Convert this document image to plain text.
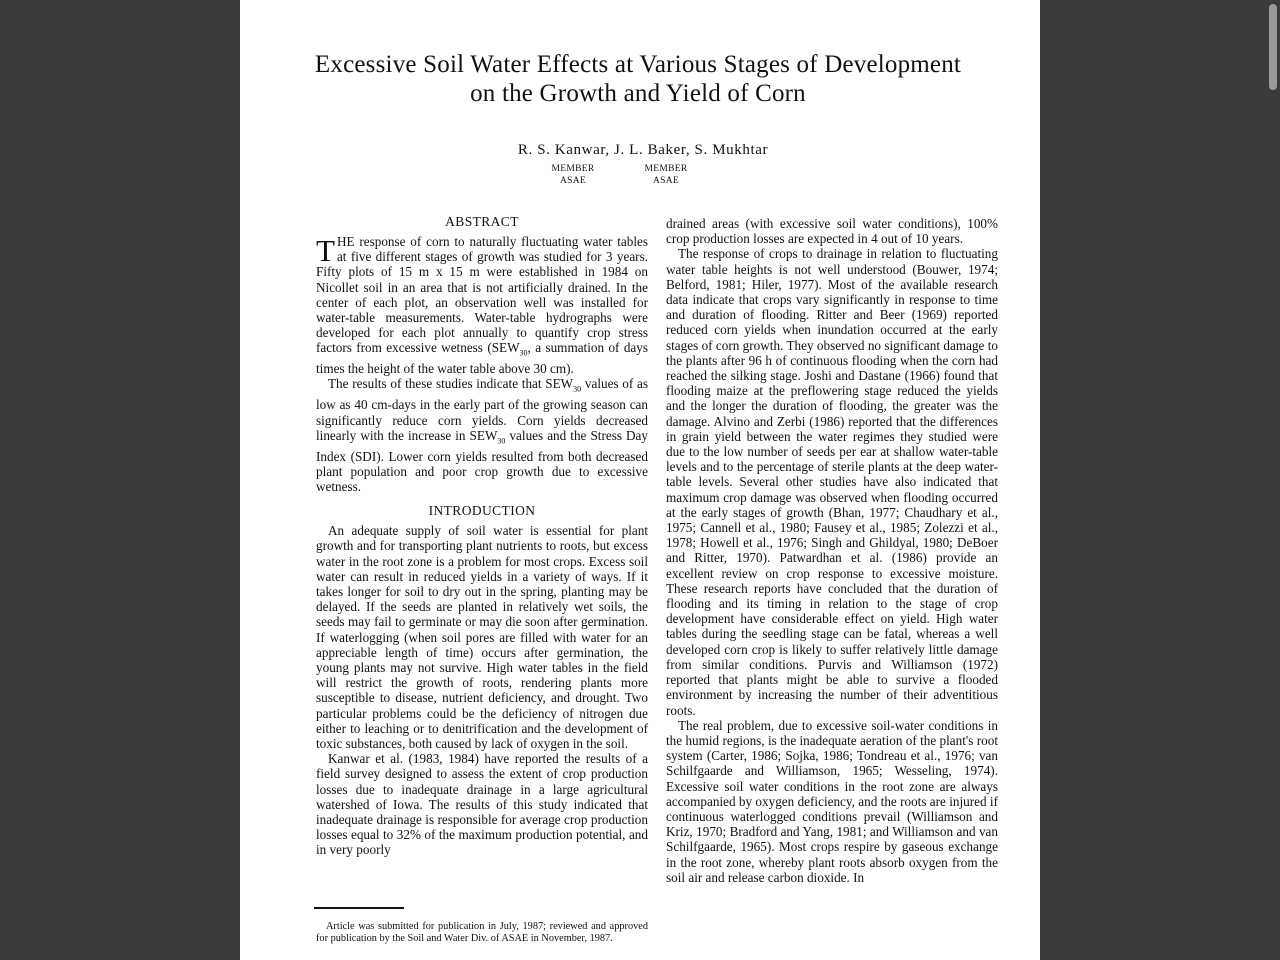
Excessive Soil Water Effects at Various Stages of Development
on the Growth and Yield of Corn
R. S. Kanwar, J. L. Baker, S. Mukhtar
MEMBER
ASAE
MEMBER
ASAE
ABSTRACT

THE response of corn to naturally fluctuating water tables at five different stages of growth was studied for 3 years. Fifty plots of 15 m x 15 m were established in 1984 on Nicollet soil in an area that is not artificially drained. In the center of each plot, an observation well was installed for water-table measurements. Water-table hydrographs were developed for each plot annually to quantify crop stress factors from excessive wetness ($SEW_{30}$, a summation of days times the height of the water table above 30 cm).

The results of these studies indicate that $SEW_{30}$ values of as low as 40 cm-days in the early part of the growing season can significantly reduce corn yields. Corn yields decreased linearly with the increase in $SEW_{30}$ values and the Stress Day Index (SDI). Lower corn yields resulted from both decreased plant population and poor crop growth due to excessive wetness.

INTRODUCTION

An adequate supply of soil water is essential for plant growth and for transporting plant nutrients to roots, but excess water in the root zone is a problem for most crops. Excess soil water can result in reduced yields in a variety of ways. If it takes longer for soil to dry out in the spring, planting may be delayed. If the seeds are planted in relatively wet soils, the seeds may fail to germinate or may die soon after germination. If waterlogging (when soil pores are filled with water for an appreciable length of time) occurs after germination, the young plants may not survive. High water tables in the field will restrict the growth of roots, rendering plants more susceptible to disease, nutrient deficiency, and drought. Two particular problems could be the deficiency of nitrogen due either to leaching or to denitrification and the development of toxic substances, both caused by lack of oxygen in the soil.

Kanwar et al. (1983, 1984) have reported the results of a field survey designed to assess the extent of crop production losses due to inadequate drainage in a large agricultural watershed of Iowa. The results of this study indicated that inadequate drainage is responsible for average crop production losses equal to 32% of the maximum production potential, and in very poorly

drained areas (with excessive soil water conditions), 100% crop production losses are expected in 4 out of 10 years.

The response of crops to drainage in relation to fluctuating water table heights is not well understood (Bouwer, 1974; Belford, 1981; Hiler, 1977). Most of the available research data indicate that crops vary significantly in response to time and duration of flooding. Ritter and Beer (1969) reported reduced corn yields when inundation occurred at the early stages of corn growth. They observed no significant damage to the plants after 96 h of continuous flooding when the corn had reached the silking stage. Joshi and Dastane (1966) found that flooding maize at the preflowering stage reduced the yields and the longer the duration of flooding, the greater was the damage. Alvino and Zerbi (1986) reported that the differences in grain yield between the water regimes they studied were due to the low number of seeds per ear at shallow water-table levels and to the percentage of sterile plants at the deep water-table levels. Several other studies have also indicated that maximum crop damage was observed when flooding occurred at the early stages of growth (Bhan, 1977; Chaudhary et al., 1975; Cannell et al., 1980; Fausey et al., 1985; Zolezzi et al., 1978; Howell et al., 1976; Singh and Ghildyal, 1980; DeBoer and Ritter, 1970). Patwardhan et al. (1986) provide an excellent review on crop response to excessive moisture. These research reports have concluded that the duration of flooding and its timing in relation to the stage of crop development have considerable effect on yield. High water tables during the seedling stage can be fatal, whereas a well developed corn crop is likely to suffer relatively little damage from similar conditions. Purvis and Williamson (1972) reported that plants might be able to survive a flooded environment by increasing the number of their adventitious roots.

The real problem, due to excessive soil-water conditions in the humid regions, is the inadequate aeration of the plant's root system (Carter, 1986; Sojka, 1986; Tondreau et al., 1976; van Schilfgaarde and Williamson, 1965; Wesseling, 1974). Excessive soil water conditions in the root zone are always accompanied by oxygen deficiency, and the roots are injured if continuous waterlogged conditions prevail (Williamson and Kriz, 1970; Bradford and Yang, 1981; and Williamson and van Schilfgaarde, 1965). Most crops respire by gaseous exchange in the root zone, whereby plant roots absorb oxygen from the soil air and release carbon dioxide. In

Article was submitted for publication in July, 1987; reviewed and approved for publication by the Soil and Water Div. of ASAE in November, 1987.
